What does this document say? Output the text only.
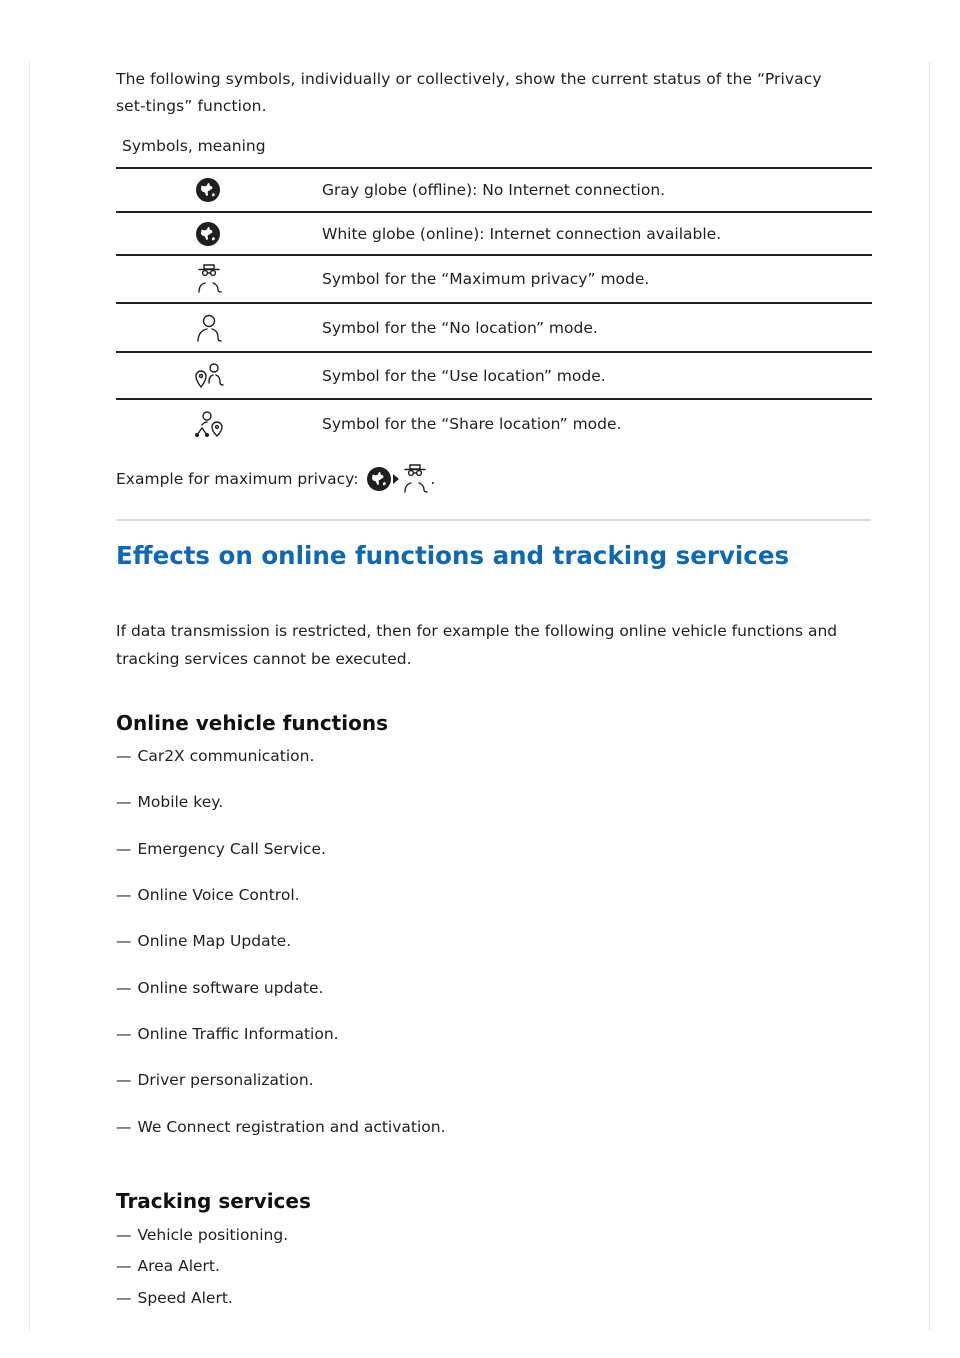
The following symbols, individually or collectively, show the current status of the “Privacy set-tings” function.

Symbols, meaning

	Gray globe (offline): No Internet connection.

	White globe (online): Internet connection available.

	Symbol for the “Maximum privacy” mode.

	Symbol for the “No location” mode.

	Symbol for the “Use location” mode.
Symbol for the “Share location” mode.
Example for maximum privacy:	.
Effects on online functions and tracking services

If data transmission is restricted, then for example the following online vehicle functions and tracking services cannot be executed.

Online vehicle functions
— Car2X communication.
— Mobile key.
— Emergency Call Service.
— Online Voice Control.
— Online Map Update.
— Online software update.
— Online Traffic Information.
— Driver personalization.
— We Connect registration and activation.
Tracking services
— Vehicle positioning.
— Area Alert.
— Speed Alert.
